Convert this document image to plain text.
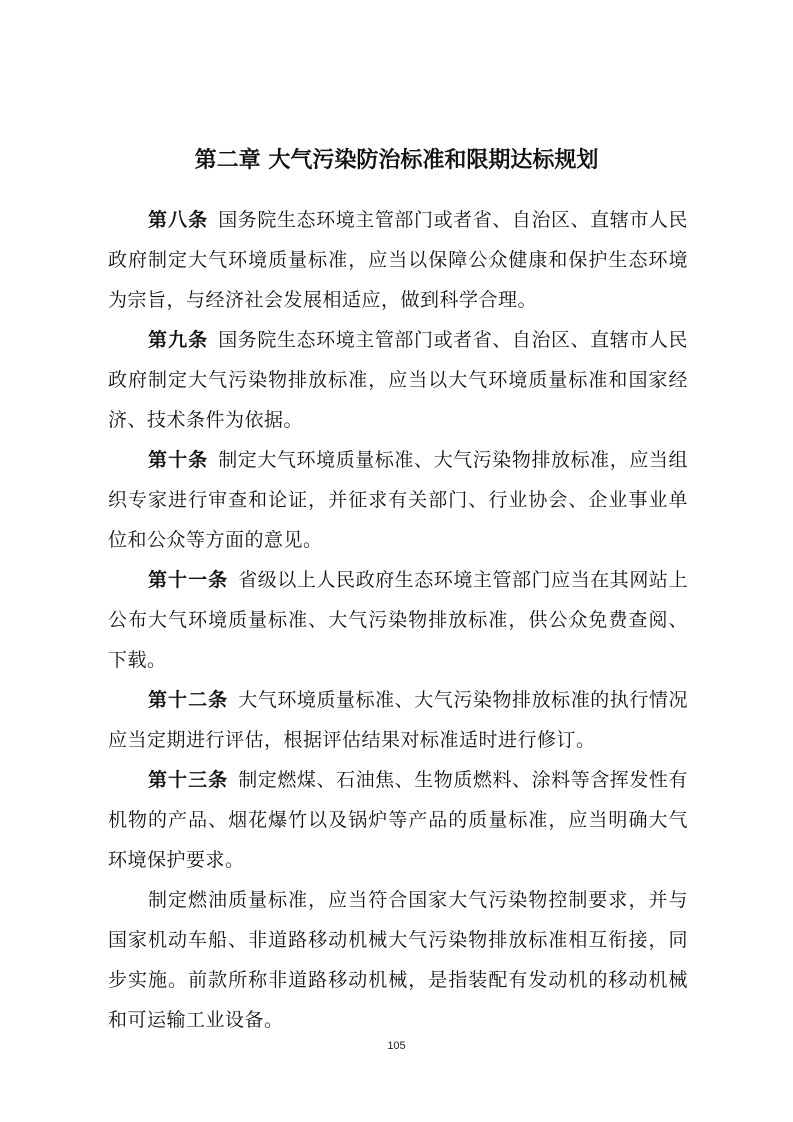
第二章 大气污染防治标准和限期达标规划

第八条 国务院生态环境主管部门或者省、自治区、直辖市人民政府制定大气环境质量标准，应当以保障公众健康和保护生态环境为宗旨，与经济社会发展相适应，做到科学合理。

第九条 国务院生态环境主管部门或者省、自治区、直辖市人民政府制定大气污染物排放标准，应当以大气环境质量标准和国家经济、技术条件为依据。

第十条 制定大气环境质量标准、大气污染物排放标准，应当组织专家进行审查和论证，并征求有关部门、行业协会、企业事业单位和公众等方面的意见。

第十一条 省级以上人民政府生态环境主管部门应当在其网站上公布大气环境质量标准、大气污染物排放标准，供公众免费查阅、下载。

第十二条 大气环境质量标准、大气污染物排放标准的执行情况应当定期进行评估，根据评估结果对标准适时进行修订。

第十三条 制定燃煤、石油焦、生物质燃料、涂料等含挥发性有机物的产品、烟花爆竹以及锅炉等产品的质量标准，应当明确大气环境保护要求。

制定燃油质量标准，应当符合国家大气污染物控制要求，并与国家机动车船、非道路移动机械大气污染物排放标准相互衔接，同步实施。前款所称非道路移动机械，是指装配有发动机的移动机械和可运输工业设备。

105
